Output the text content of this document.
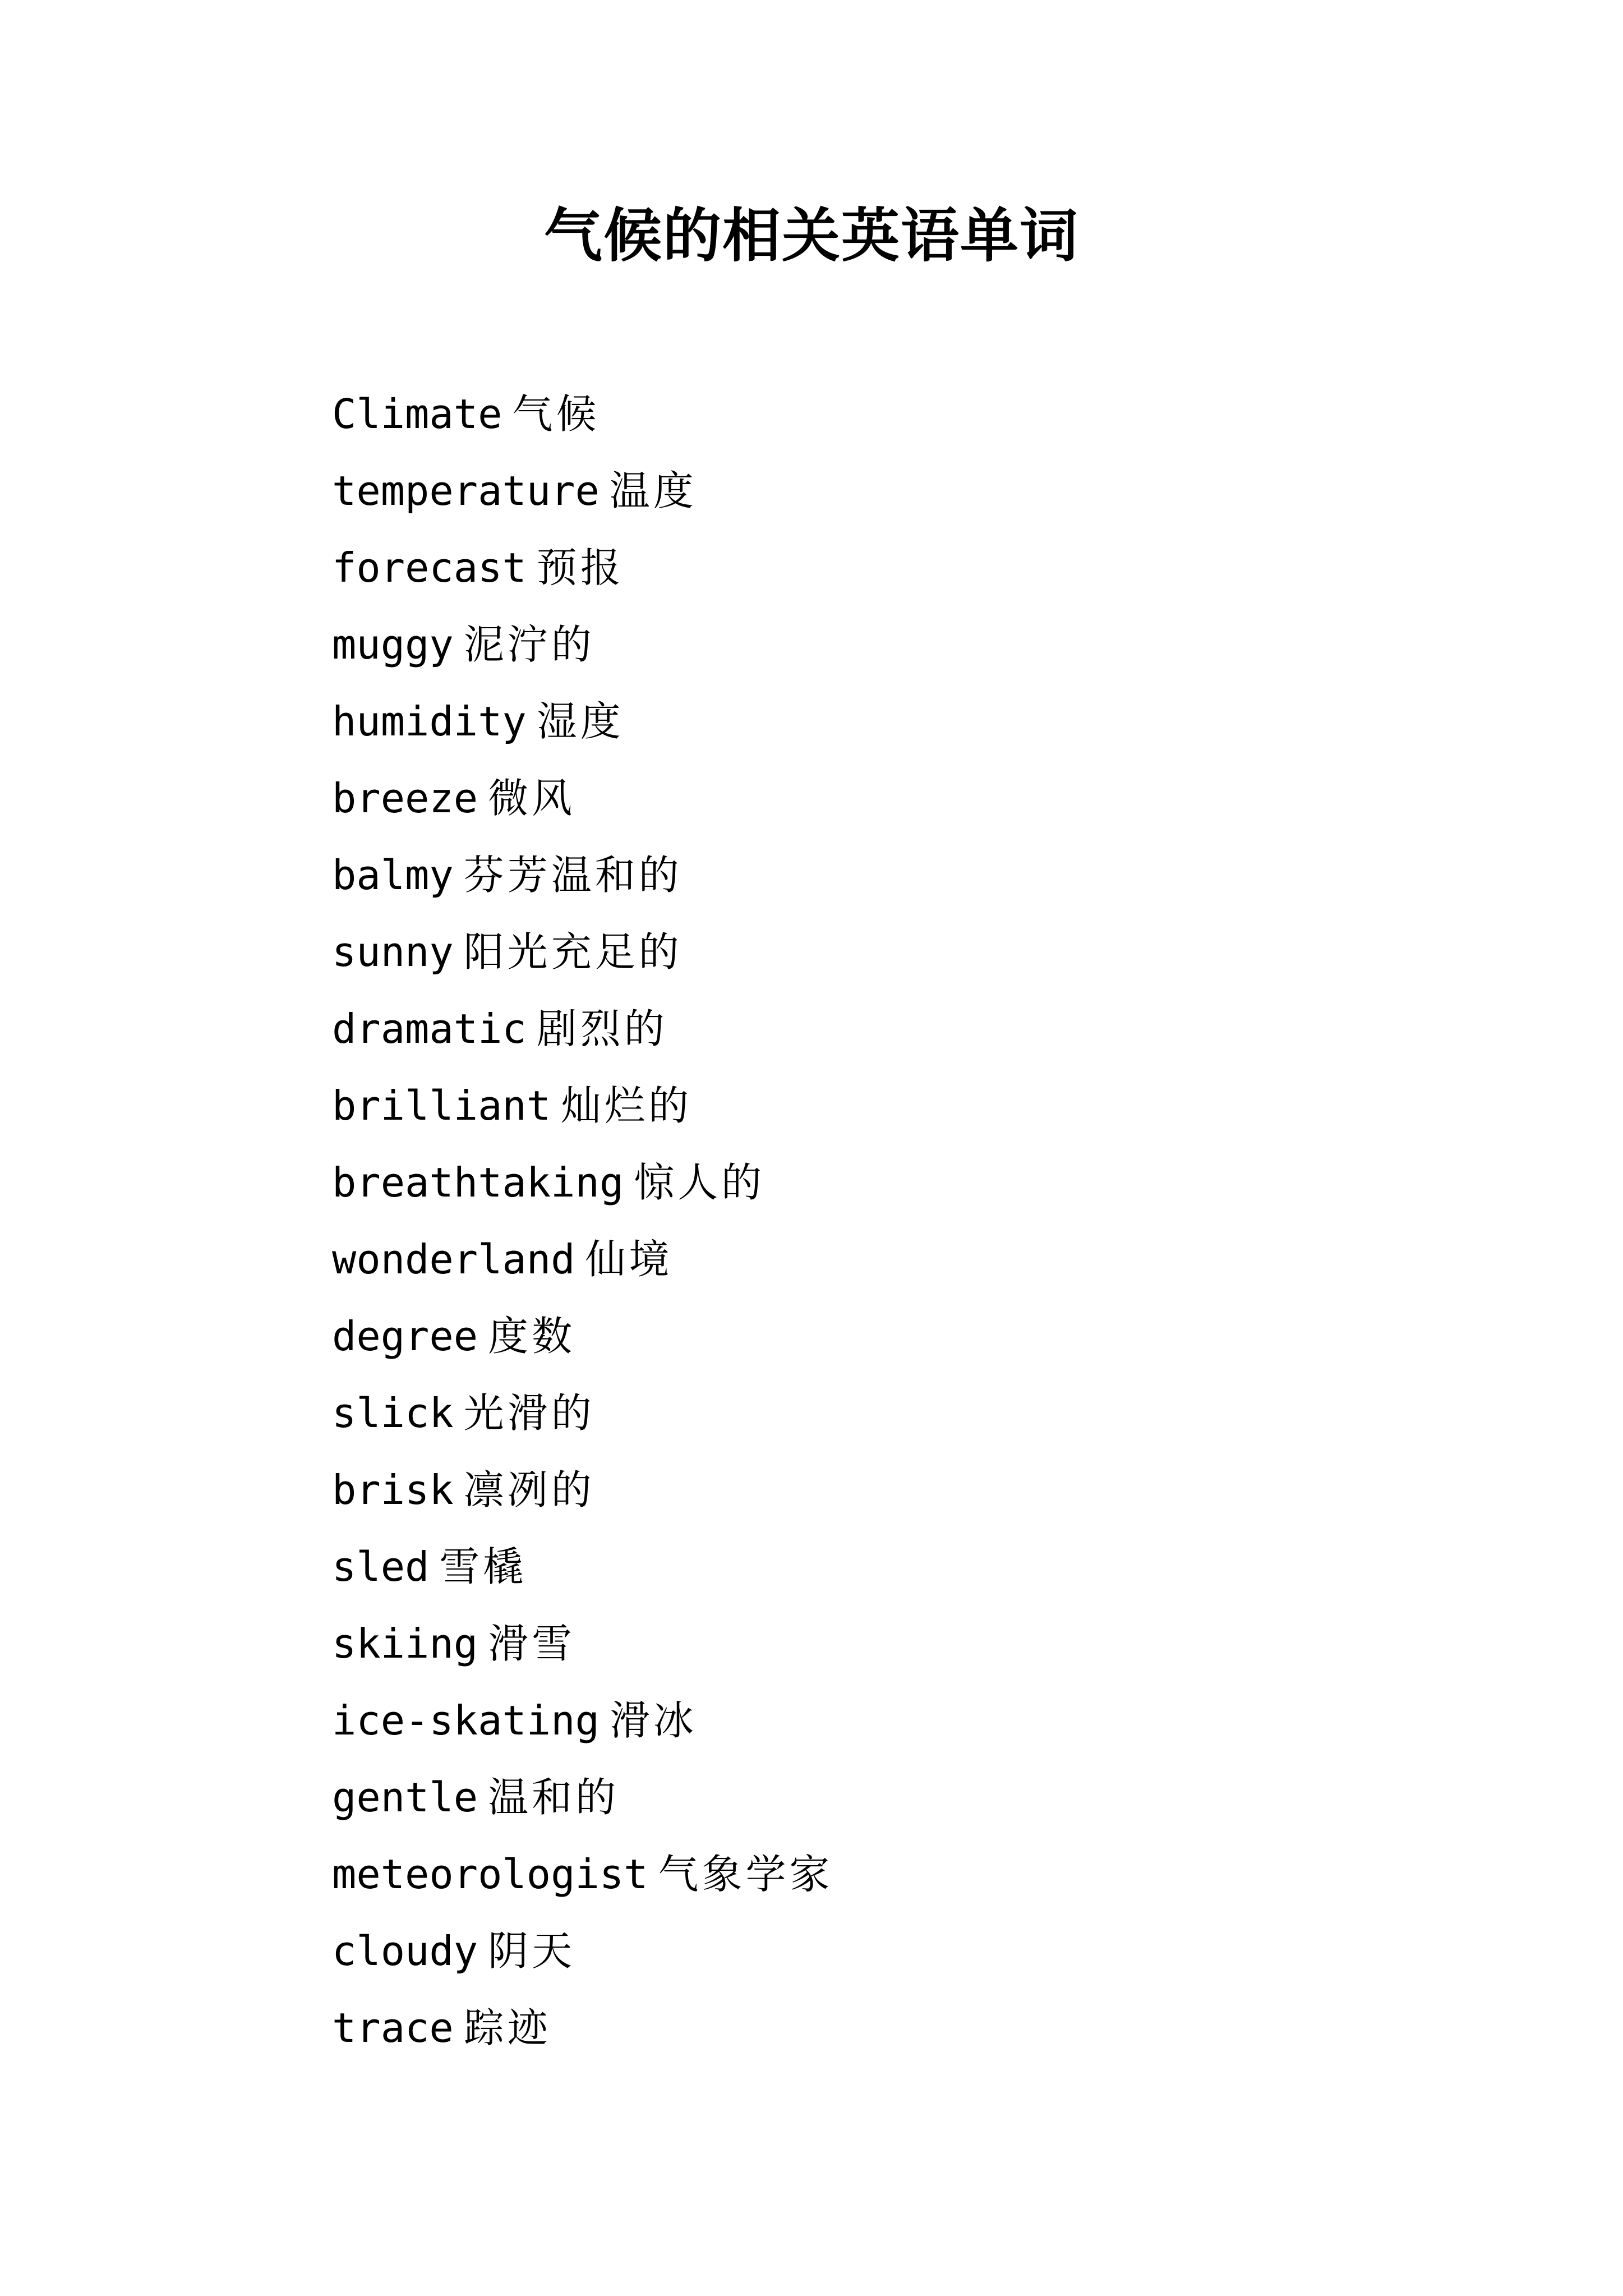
气候的相关英语单词
Climate 气候
temperature 温度
forecast 预报
muggy 泥泞的
humidity 湿度
breeze 微风
balmy 芬芳温和的
sunny 阳光充足的
dramatic 剧烈的
brilliant 灿烂的
breathtaking 惊人的
wonderland 仙境
degree 度数
slick 光滑的
brisk 凛冽的
sled 雪橇
skiing 滑雪
ice-skating 滑冰
gentle 温和的
meteorologist 气象学家
cloudy 阴天
trace 踪迹
